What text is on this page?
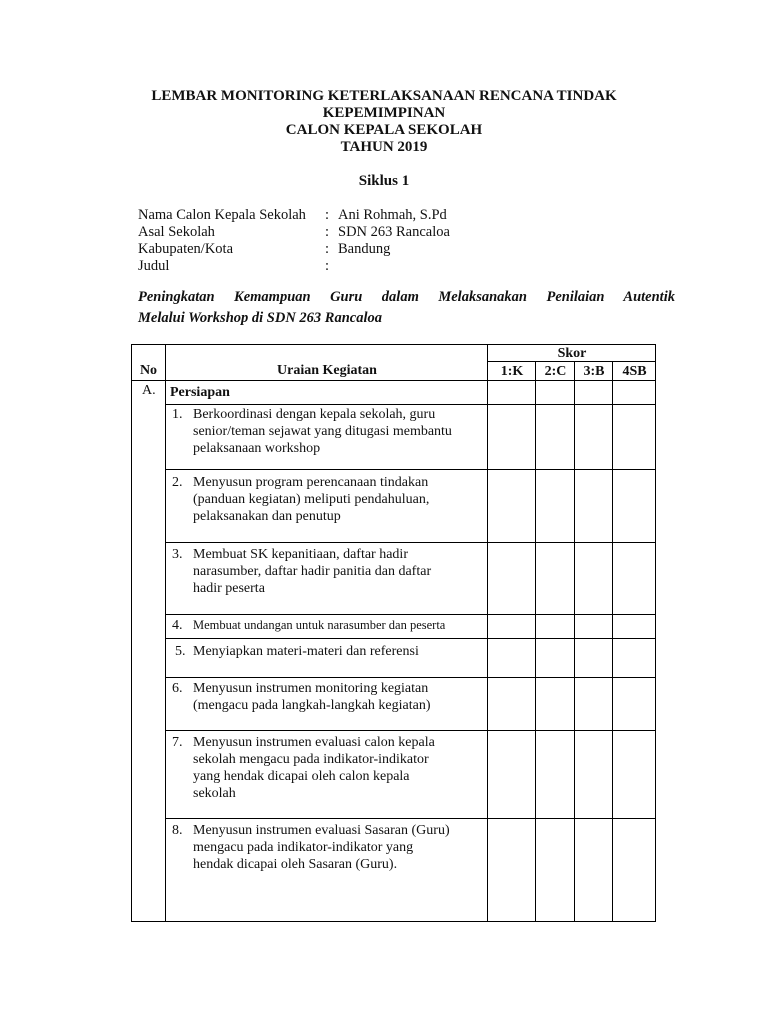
LEMBAR MONITORING KETERLAKSANAAN RENCANA TINDAK
KEPEMIMPINAN
CALON KEPALA SEKOLAH
TAHUN 2019
Siklus 1
Nama Calon Kepala Sekolah : Ani Rohmah, S.Pd
Asal Sekolah	: SDN 263 Rancaloa
Kabupaten/Kota	: Bandung
Judul	:
Peningkatan Kemampuan Guru dalam Melaksanakan Penilaian Autentik
Melalui Workshop di SDN 263 Rancaloa
No	Uraian Kegiatan
Skor
1:K	2:C	3:B	4SB
A. Persiapan
1. Berkoordinasi dengan kepala sekolah, guru
senior/teman sejawat yang ditugasi membantu
pelaksanaan workshop
2. Menyusun program perencanaan tindakan
(panduan kegiatan) meliputi pendahuluan,
pelaksanakan dan penutup
3. Membuat SK kepanitiaan, daftar hadir
narasumber, daftar hadir panitia dan daftar
hadir peserta
4. Membuat undangan untuk narasumber dan peserta
5. Menyiapkan materi-materi dan referensi
6. Menyusun instrumen monitoring kegiatan
(mengacu pada langkah-langkah kegiatan)
7. Menyusun instrumen evaluasi calon kepala
sekolah mengacu pada indikator-indikator
yang hendak dicapai oleh calon kepala
sekolah
8. Menyusun instrumen evaluasi Sasaran (Guru)
mengacu pada indikator-indikator yang
hendak dicapai oleh Sasaran (Guru).
